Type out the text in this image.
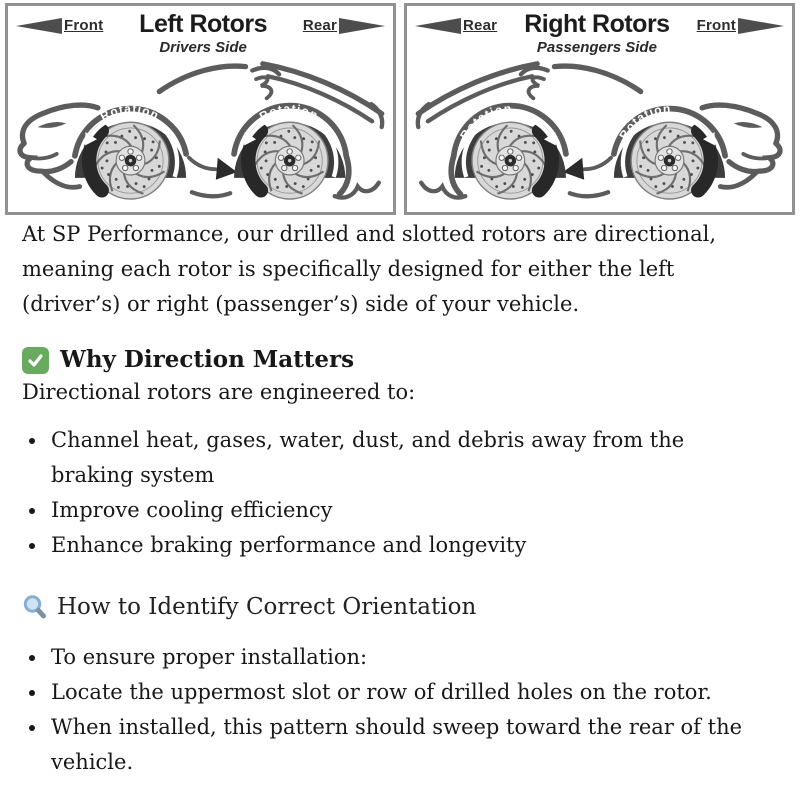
Front Left Rotors
Drivers Side
Rear	Rear Right Rotors
Passengers Side
Front

At SP Performance, our drilled and slotted rotors are directional, meaning each rotor is specifically designed for either the left (driver’s) or right (passenger’s) side of your vehicle.

Why Direction Matters

Directional rotors are engineered to:

• Channel heat, gases, water, dust, and debris away from the braking system
• Improve cooling efficiency
• Enhance braking performance and longevity
How to Identify Correct Orientation
• To ensure proper installation:
• Locate the uppermost slot or row of drilled holes on the rotor.
• When installed, this pattern should sweep toward the rear of the vehicle.
